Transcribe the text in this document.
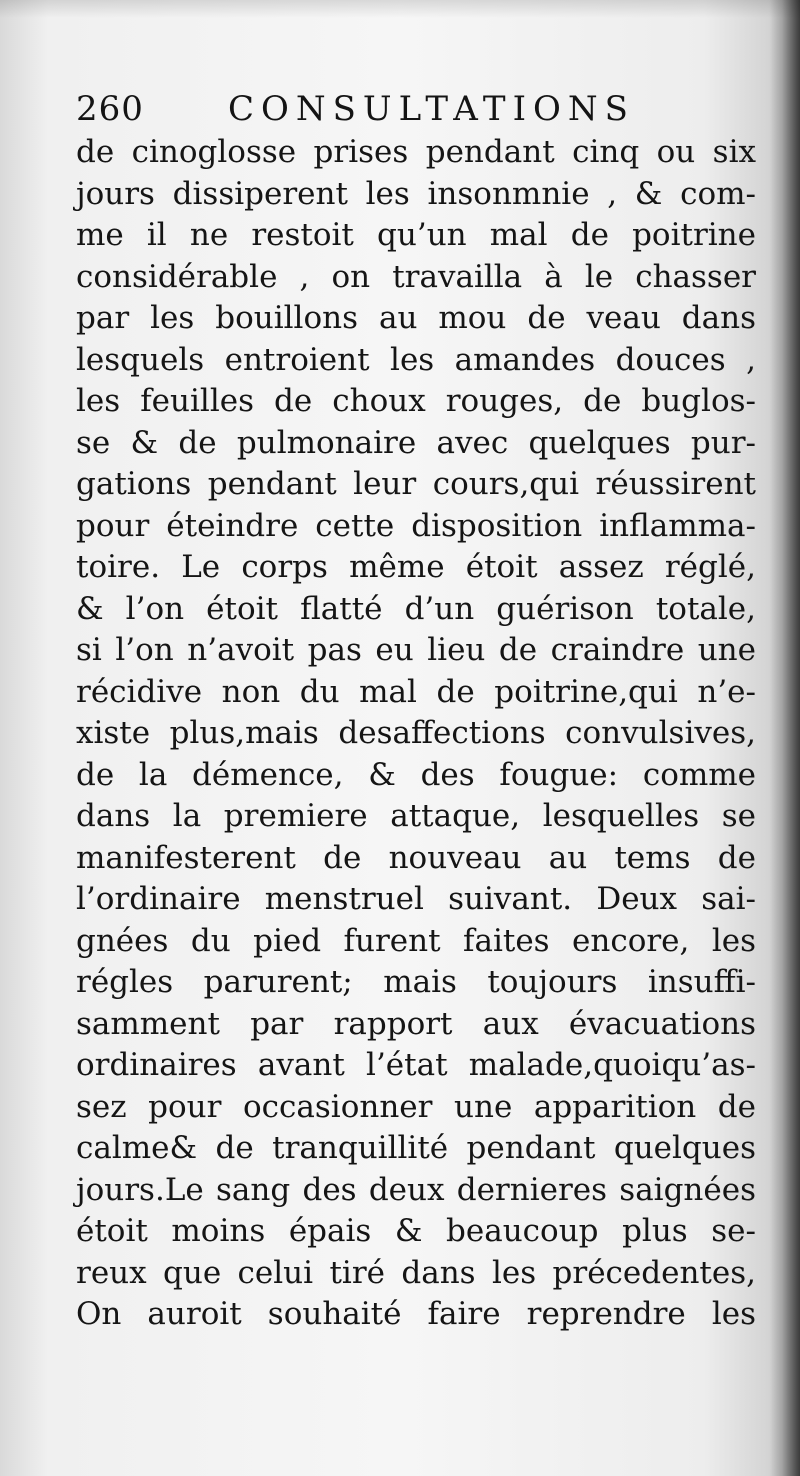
260 CONSULTATIONS
de cinoglosse prises pendant cinq ou six
jours dissiperent les insonmnie , & com-
me il ne restoit qu’un mal de poitrine
considérable , on travailla à le chasser
par les bouillons au mou de veau dans
lesquels entroient les amandes douces ,
les feuilles de choux rouges, de buglos-
se & de pulmonaire avec quelques pur-
gations pendant leur cours,qui réussirent
pour éteindre cette disposition inflamma-
toire. Le corps même étoit assez réglé,
& l’on étoit flatté d’un guérison totale,
si l’on n’avoit pas eu lieu de craindre une
récidive non du mal de poitrine,qui n’e-
xiste plus,mais desaffections convulsives,
de la démence, & des fougue: comme
dans la premiere attaque, lesquelles se
manifesterent de nouveau au tems de
l’ordinaire menstruel suivant. Deux sai-
gnées du pied furent faites encore, les
régles parurent; mais toujours insuffi-
samment par rapport aux évacuations
ordinaires avant l’état malade,quoiqu’as-
sez pour occasionner une apparition de
calme& de tranquillité pendant quelques
jours.Le sang des deux dernieres saignées
étoit moins épais & beaucoup plus se-
reux que celui tiré dans les précedentes,
On auroit souhaité faire reprendre les
